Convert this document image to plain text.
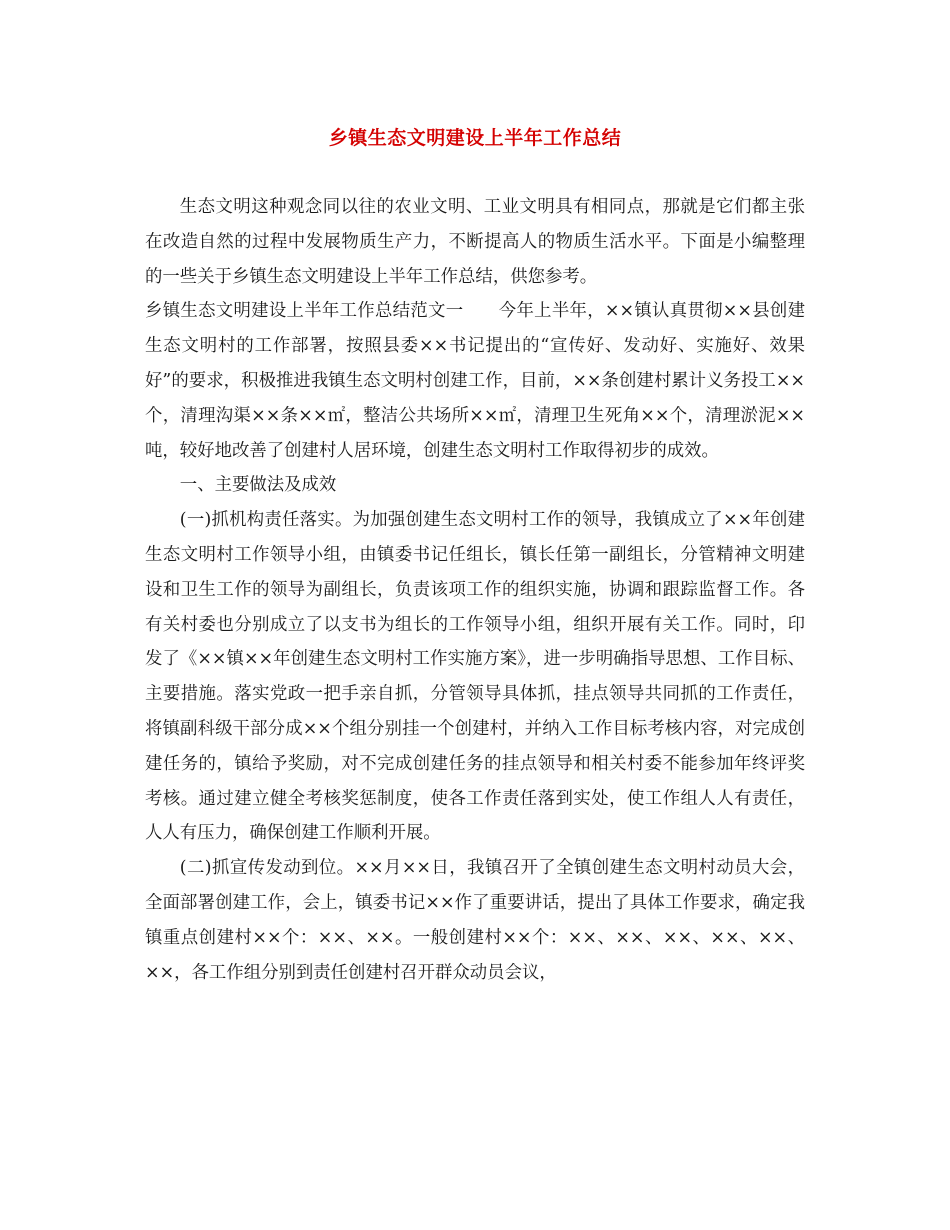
乡镇生态文明建设上半年工作总结

生态文明这种观念同以往的农业文明、工业文明具有相同点，那就是它们都主张在改造自然的过程中发展物质生产力，不断提高人的物质生活水平。下面是小编整理的一些关于乡镇生态文明建设上半年工作总结，供您参考。

乡镇生态文明建设上半年工作总结范文一　　今年上半年，××镇认真贯彻××县创建生态文明村的工作部署，按照县委××书记提出的“宣传好、发动好、实施好、效果好”的要求，积极推进我镇生态文明村创建工作，目前，××条创建村累计义务投工××个，清理沟渠××条××㎡，整洁公共场所××㎡，清理卫生死角××个，清理淤泥××吨，较好地改善了创建村人居环境，创建生态文明村工作取得初步的成效。

一、主要做法及成效

(一)抓机构责任落实。为加强创建生态文明村工作的领导，我镇成立了××年创建生态文明村工作领导小组，由镇委书记任组长，镇长任第一副组长，分管精神文明建设和卫生工作的领导为副组长，负责该项工作的组织实施，协调和跟踪监督工作。各有关村委也分别成立了以支书为组长的工作领导小组，组织开展有关工作。同时，印发了《××镇××年创建生态文明村工作实施方案》，进一步明确指导思想、工作目标、主要措施。落实党政一把手亲自抓，分管领导具体抓，挂点领导共同抓的工作责任，将镇副科级干部分成××个组分别挂一个创建村，并纳入工作目标考核内容，对完成创建任务的，镇给予奖励，对不完成创建任务的挂点领导和相关村委不能参加年终评奖考核。通过建立健全考核奖惩制度，使各工作责任落到实处，使工作组人人有责任，人人有压力，确保创建工作顺利开展。

(二)抓宣传发动到位。××月××日，我镇召开了全镇创建生态文明村动员大会，全面部署创建工作，会上，镇委书记××作了重要讲话，提出了具体工作要求，确定我镇重点创建村××个：××、××。一般创建村××个：××、××、××、××、××、××，各工作组分别到责任创建村召开群众动员会议，
